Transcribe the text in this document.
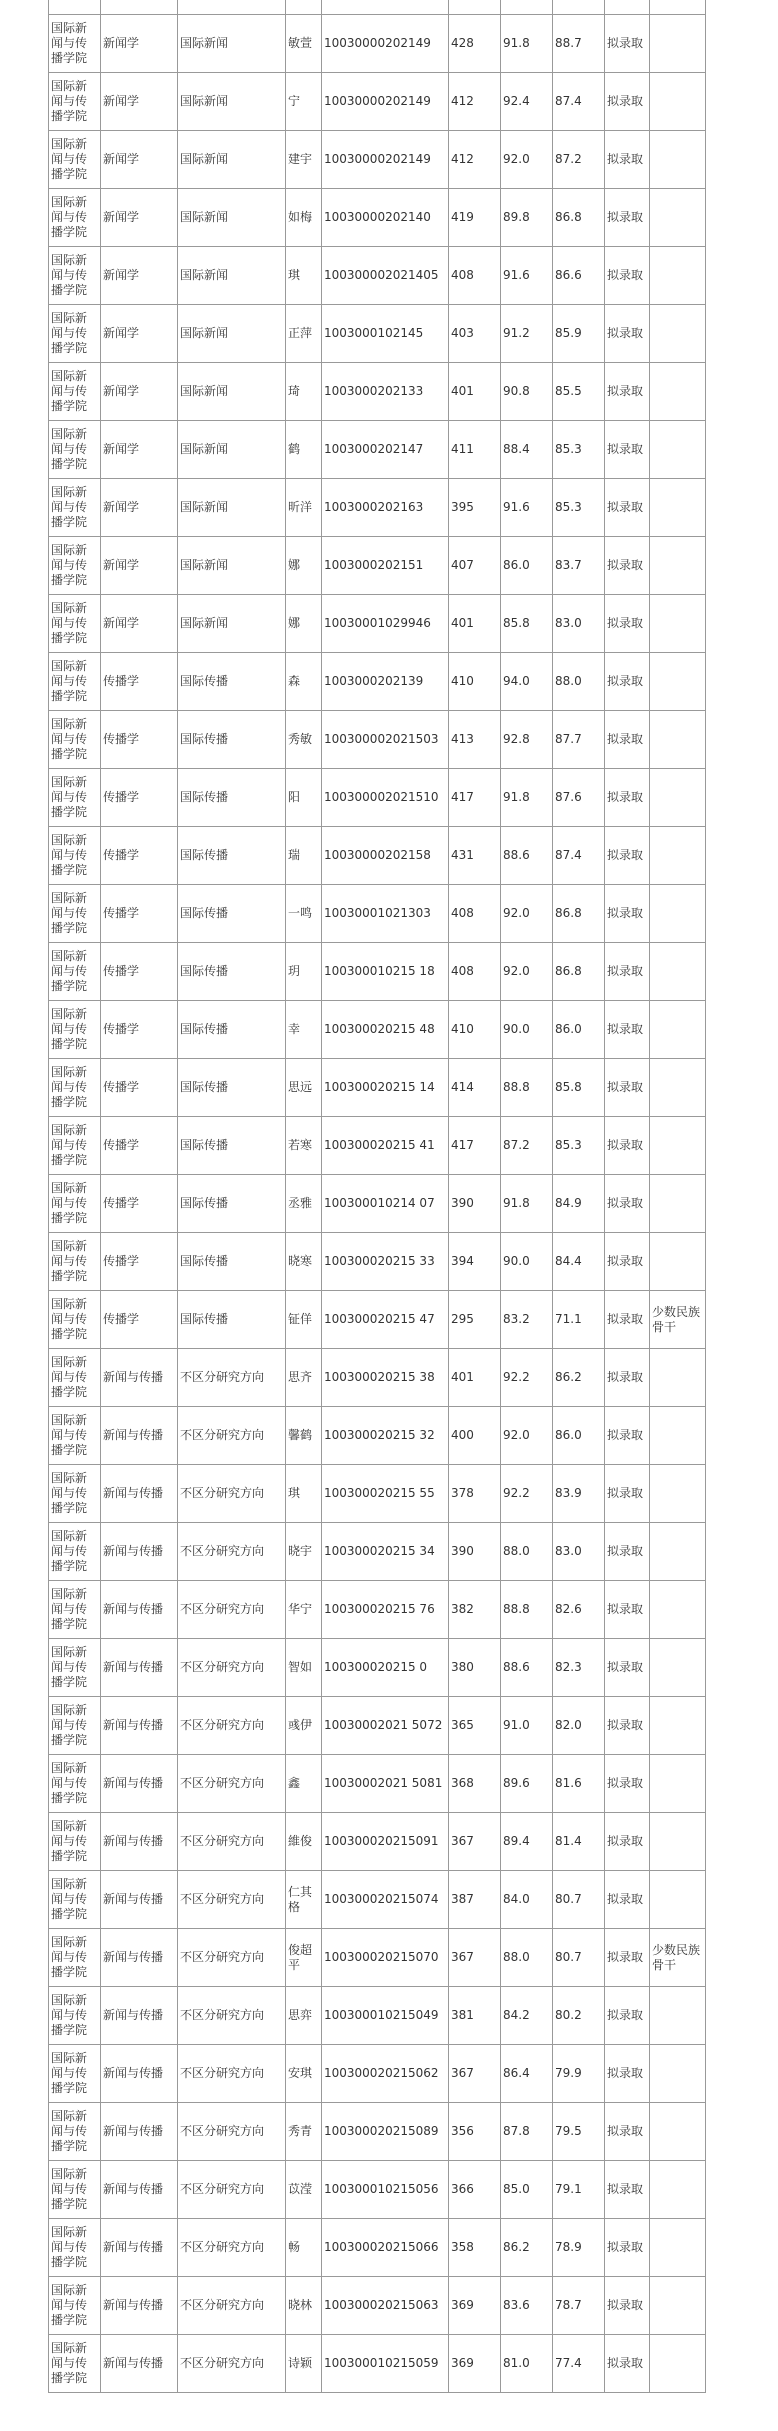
国际新闻与传播学院	新闻学	国际新闻	敏萱	10030000202149	428	91.8	88.7	拟录取	
国际新闻与传播学院	新闻学	国际新闻	宁	10030000202149	412	92.4	87.4	拟录取	
国际新闻与传播学院	新闻学	国际新闻	建宇	10030000202149	412	92.0	87.2	拟录取	
国际新闻与传播学院	新闻学	国际新闻	如梅	10030000202140	419	89.8	86.8	拟录取	
国际新闻与传播学院	新闻学	国际新闻	琪	100300002021405	408	91.6	86.6	拟录取	
国际新闻与传播学院	新闻学	国际新闻	正萍	1003000102145	403	91.2	85.9	拟录取	
国际新闻与传播学院	新闻学	国际新闻	琦	1003000202133	401	90.8	85.5	拟录取	
国际新闻与传播学院	新闻学	国际新闻	鹤	1003000202147	411	88.4	85.3	拟录取	
国际新闻与传播学院	新闻学	国际新闻	昕洋	1003000202163	395	91.6	85.3	拟录取	
国际新闻与传播学院	新闻学	国际新闻	娜	1003000202151	407	86.0	83.7	拟录取	
国际新闻与传播学院	新闻学	国际新闻	娜	10030001029946	401	85.8	83.0	拟录取	
国际新闻与传播学院	传播学	国际传播	森	1003000202139	410	94.0	88.0	拟录取	
国际新闻与传播学院	传播学	国际传播	秀敏	100300002021503	413	92.8	87.7	拟录取	
国际新闻与传播学院	传播学	国际传播	阳	100300002021510	417	91.8	87.6	拟录取	
国际新闻与传播学院	传播学	国际传播	瑞	10030000202158	431	88.6	87.4	拟录取	
国际新闻与传播学院	传播学	国际传播	一鸣	10030001021303	408	92.0	86.8	拟录取	
国际新闻与传播学院	传播学	国际传播	玥	100300010215 18	408	92.0	86.8	拟录取	
国际新闻与传播学院	传播学	国际传播	幸	100300020215 48	410	90.0	86.0	拟录取	
国际新闻与传播学院	传播学	国际传播	思远	100300020215 14	414	88.8	85.8	拟录取	
国际新闻与传播学院	传播学	国际传播	若寒	100300020215 41	417	87.2	85.3	拟录取	
国际新闻与传播学院	传播学	国际传播	丞雅	100300010214 07	390	91.8	84.9	拟录取	
国际新闻与传播学院	传播学	国际传播	晓寒	100300020215 33	394	90.0	84.4	拟录取	
国际新闻与传播学院	传播学	国际传播	钲佯	100300020215 47	295	83.2	71.1	拟录取	少数民族骨干
国际新闻与传播学院	新闻与传播	不区分研究方向	思齐	100300020215 38	401	92.2	86.2	拟录取	
国际新闻与传播学院	新闻与传播	不区分研究方向	馨鹤	100300020215 32	400	92.0	86.0	拟录取	
国际新闻与传播学院	新闻与传播	不区分研究方向	琪	100300020215 55	378	92.2	83.9	拟录取	
国际新闻与传播学院	新闻与传播	不区分研究方向	晓宇	100300020215 34	390	88.0	83.0	拟录取	
国际新闻与传播学院	新闻与传播	不区分研究方向	华宁	100300020215 76	382	88.8	82.6	拟录取	
国际新闻与传播学院	新闻与传播	不区分研究方向	智如	100300020215 0	380	88.6	82.3	拟录取	
国际新闻与传播学院	新闻与传播	不区分研究方向	彧伊	10030002021 5072	365	91.0	82.0	拟录取	
国际新闻与传播学院	新闻与传播	不区分研究方向	鑫	10030002021 5081	368	89.6	81.6	拟录取	
国际新闻与传播学院	新闻与传播	不区分研究方向	維俊	100300020215091	367	89.4	81.4	拟录取	
国际新闻与传播学院	新闻与传播	不区分研究方向	仁其格	100300020215074	387	84.0	80.7	拟录取	
国际新闻与传播学院	新闻与传播	不区分研究方向	俊超平	100300020215070	367	88.0	80.7	拟录取	少数民族骨干
国际新闻与传播学院	新闻与传播	不区分研究方向	思弈	100300010215049	381	84.2	80.2	拟录取	
国际新闻与传播学院	新闻与传播	不区分研究方向	安琪	100300020215062	367	86.4	79.9	拟录取	
国际新闻与传播学院	新闻与传播	不区分研究方向	秀青	100300020215089	356	87.8	79.5	拟录取	
国际新闻与传播学院	新闻与传播	不区分研究方向	苡滢	100300010215056	366	85.0	79.1	拟录取	
国际新闻与传播学院	新闻与传播	不区分研究方向	畅	100300020215066	358	86.2	78.9	拟录取	
国际新闻与传播学院	新闻与传播	不区分研究方向	晓林	100300020215063	369	83.6	78.7	拟录取	
国际新闻与传播学院	新闻与传播	不区分研究方向	诗颖	100300010215059	369	81.0	77.4	拟录取	
